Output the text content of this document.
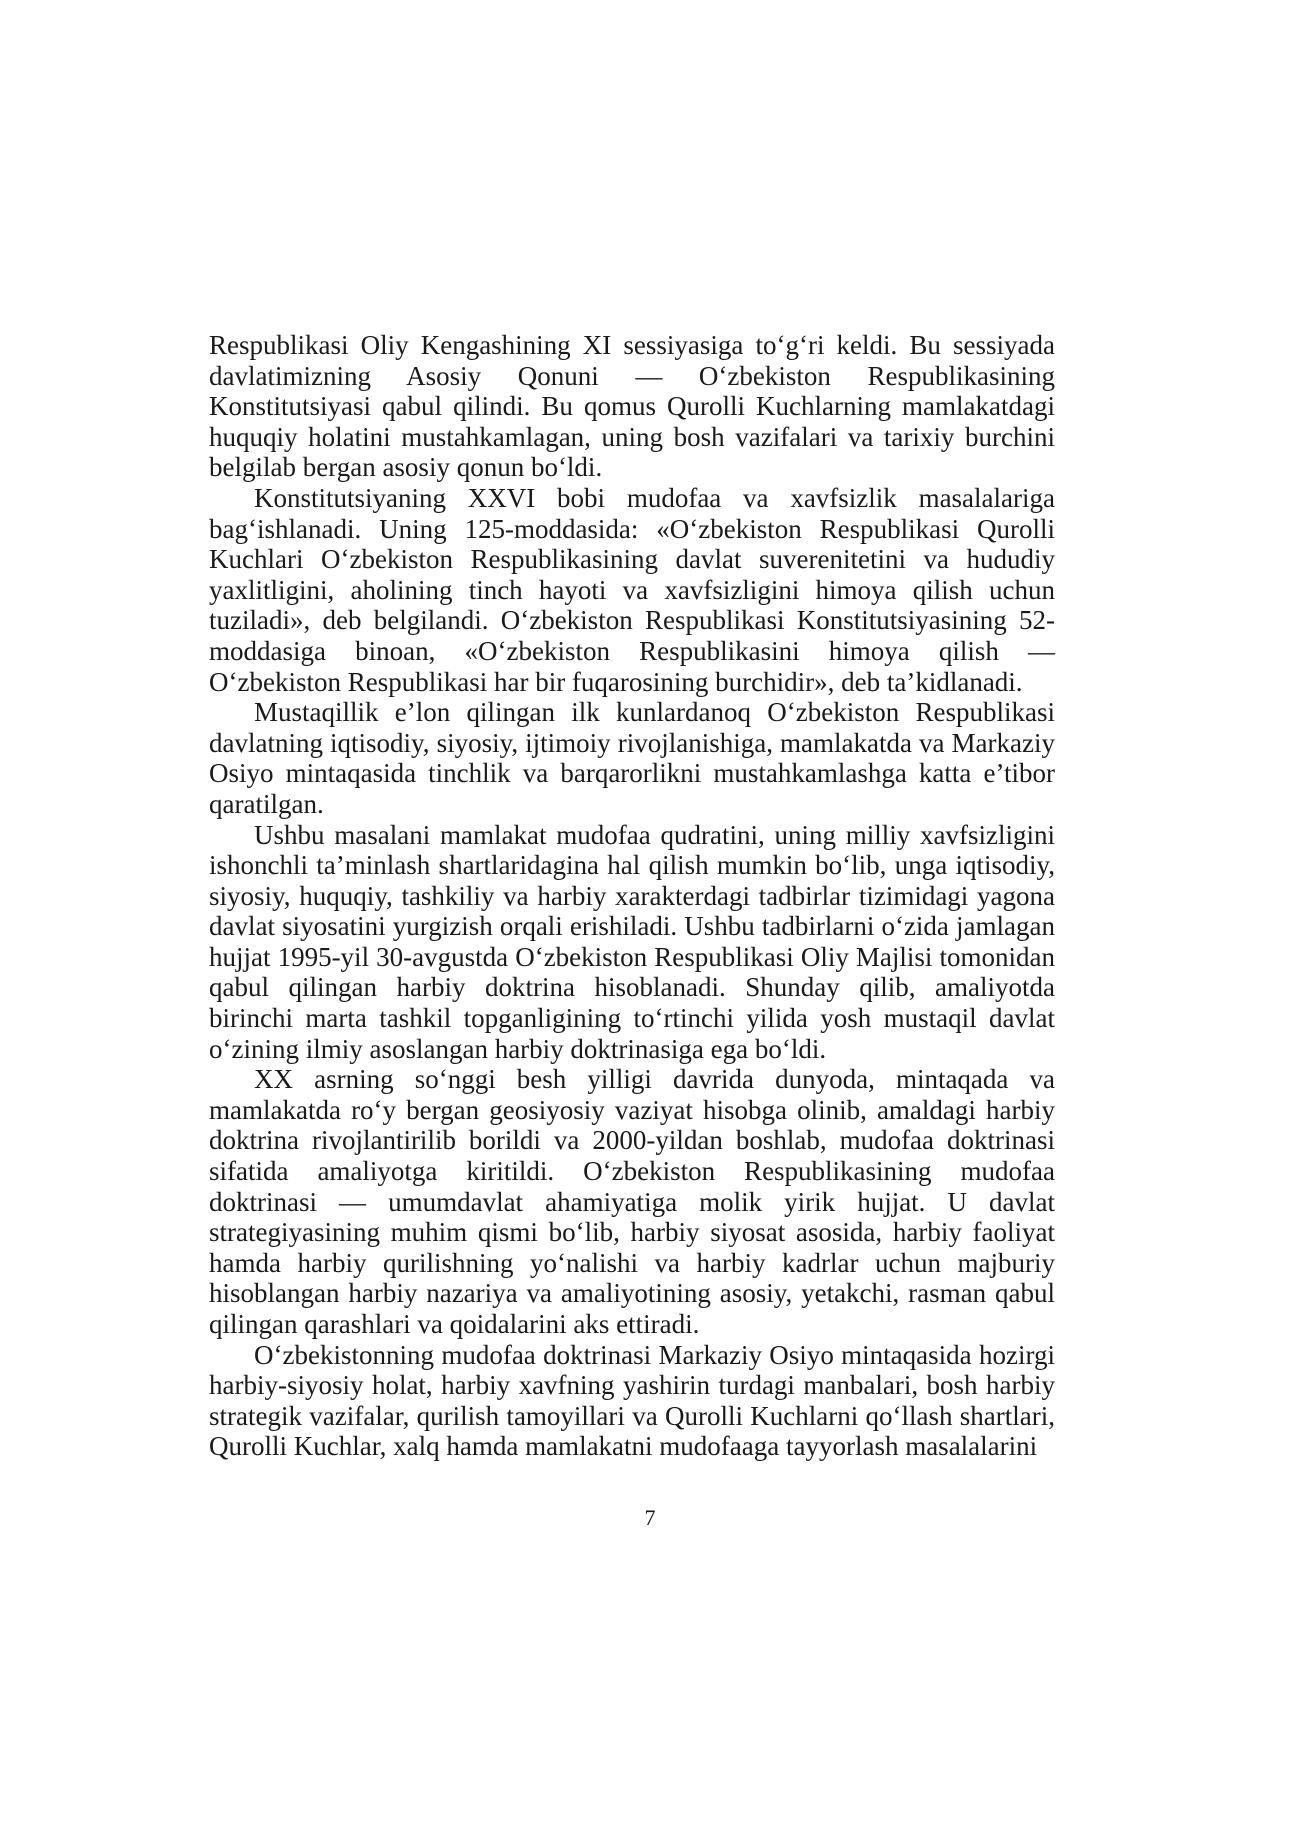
Respublikasi Oliy Kengashining XI sessiyasiga to‘g‘ri keldi. Bu sessiyada davlatimizning Asosiy Qonuni — O‘zbekiston Respublikasining Konstitutsiyasi qabul qilindi. Bu qomus Qurolli Kuchlarning mamlakatdagi huquqiy holatini mustahkamlagan, uning bosh vazifalari va tarixiy burchini belgilab bergan asosiy qonun bo‘ldi.

Konstitutsiyaning XXVI bobi mudofaa va xavfsizlik masalalariga bag‘ishlanadi. Uning 125-moddasida: «O‘zbekiston Respublikasi Qurolli Kuchlari O‘zbekiston Respublikasining davlat suverenitetini va hududiy yaxlitligini, aholining tinch hayoti va xavfsizligini himoya qilish uchun tuziladi», deb belgilandi. O‘zbekiston Respublikasi Konstitutsiyasining 52-moddasiga binoan, «O‘zbekiston Respublikasini himoya qilish — O‘zbekiston Respublikasi har bir fuqarosining burchidir», deb ta’kidlanadi.

Mustaqillik e’lon qilingan ilk kunlardanoq O‘zbekiston Respublikasi davlatning iqtisodiy, siyosiy, ijtimoiy rivojlanishiga, mamlakatda va Markaziy Osiyo mintaqasida tinchlik va barqarorlikni mustahkamlashga katta e’tibor qaratilgan.

Ushbu masalani mamlakat mudofaa qudratini, uning milliy xavfsizligini ishonchli ta’minlash shartlaridagina hal qilish mumkin bo‘lib, unga iqtisodiy, siyosiy, huquqiy, tashkiliy va harbiy xarakterdagi tadbirlar tizimidagi yagona davlat siyosatini yurgizish orqali erishiladi. Ushbu tadbirlarni o‘zida jamlagan hujjat 1995-yil 30-avgustda O‘zbekiston Respublikasi Oliy Majlisi tomonidan qabul qilingan harbiy doktrina hisoblanadi. Shunday qilib, amaliyotda birinchi marta tashkil topganligining to‘rtinchi yilida yosh mustaqil davlat o‘zining ilmiy asoslangan harbiy doktrinasiga ega bo‘ldi.

XX asrning so‘nggi besh yilligi davrida dunyoda, mintaqada va mamlakatda ro‘y bergan geosiyosiy vaziyat hisobga olinib, amaldagi harbiy doktrina rivojlantirilib borildi va 2000-yildan boshlab, mudofaa doktrinasi sifatida amaliyotga kiritildi. O‘zbekiston Respublikasining mudofaa doktrinasi — umumdavlat ahamiyatiga molik yirik hujjat. U davlat strategiyasining muhim qismi bo‘lib, harbiy siyosat asosida, harbiy faoliyat hamda harbiy qurilishning yo‘nalishi va harbiy kadrlar uchun majburiy hisoblangan harbiy nazariya va amaliyotining asosiy, yetakchi, rasman qabul qilingan qarashlari va qoidalarini aks ettiradi.

O‘zbekistonning mudofaa doktrinasi Markaziy Osiyo mintaqasida hozirgi harbiy-siyosiy holat, harbiy xavfning yashirin turdagi manbalari, bosh harbiy strategik vazifalar, qurilish tamoyillari va Qurolli Kuchlarni qo‘llash shartlari, Qurolli Kuchlar, xalq hamda mamlakatni mudofaaga tayyorlash masalalarini

7
